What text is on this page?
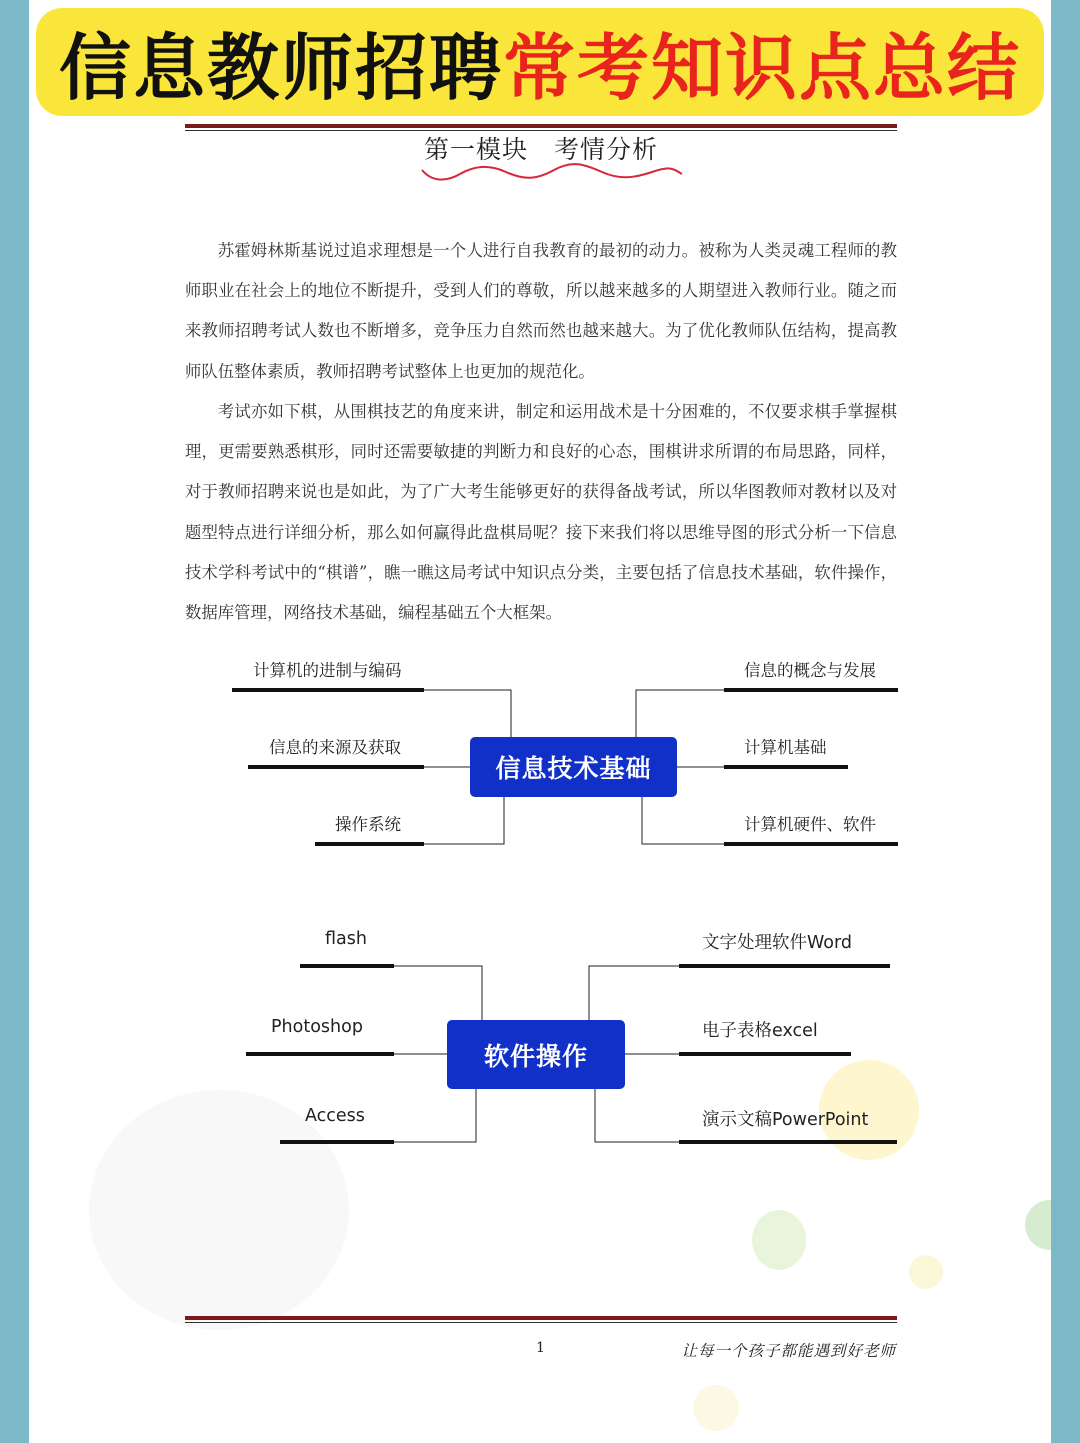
信息教师招聘 常考知识点总结
第一模块　考情分析

苏霍姆林斯基说过追求理想是一个人进行自我教育的最初的动力。被称为人类灵魂工程师的教师职业在社会上的地位不断提升，受到人们的尊敬，所以越来越多的人期望进入教师行业。随之而来教师招聘考试人数也不断增多，竞争压力自然而然也越来越大。为了优化教师队伍结构，提高教师队伍整体素质，教师招聘考试整体上也更加的规范化。

考试亦如下棋，从围棋技艺的角度来讲，制定和运用战术是十分困难的，不仅要求棋手掌握棋理，更需要熟悉棋形，同时还需要敏捷的判断力和良好的心态，围棋讲求所谓的布局思路，同样，对于教师招聘来说也是如此，为了广大考生能够更好的获得备战考试，所以华图教师对教材以及对题型特点进行详细分析，那么如何赢得此盘棋局呢？接下来我们将以思维导图的形式分析一下信息技术学科考试中的“棋谱”，瞧一瞧这局考试中知识点分类，主要包括了信息技术基础，软件操作，数据库管理，网络技术基础，编程基础五个大框架。

信息技术基础
计算机的进制与编码
信息的来源及获取
操作系统
信息的概念与发展
计算机基础
计算机硬件、软件
软件操作
flash
Photoshop
Access
文字处理软件Word
电子表格excel
演示文稿PowerPoint
1	让每一个孩子都能遇到好老师
